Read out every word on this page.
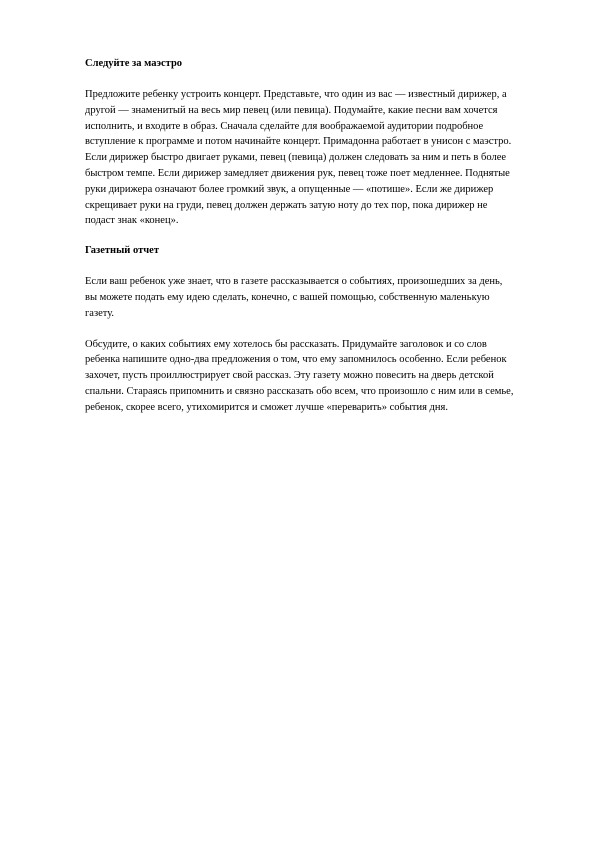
Следуйте за маэстро

Предложите ребенку устроить концерт. Представьте, что один из вас — известный дирижер, а другой — знаменитый на весь мир певец (или певица). Подумайте, какие песни вам хочется исполнить, и входите в образ. Сначала сделайте для воображаемой аудитории подробное вступление к программе и потом начинайте концерт. Примадонна работает в унисон с маэстро. Если дирижер быстро двигает руками, певец (певица) должен следовать за ним и петь в более быстром темпе. Если дирижер замедляет движения рук, певец тоже поет медленнее. Поднятые руки дирижера означают более громкий звук, а опущенные — «потише». Если же дирижер скрещивает руки на груди, певец должен держать затую ноту до тех пор, пока дирижер не подаст знак «конец».

Газетный отчет

Если ваш ребенок уже знает, что в газете рассказывается о событиях, произошедших за день, вы можете подать ему идею сделать, конечно, с вашей помощью, собственную маленькую газету.

Обсудите, о каких событиях ему хотелось бы рассказать. Придумайте заголовок и со слов ребенка напишите одно-два предложения о том, что ему запомнилось особенно. Если ребенок захочет, пусть проиллюстрирует свой рассказ. Эту газету можно повесить на дверь детской спальни. Стараясь припомнить и связно рассказать обо всем, что произошло с ним или в семье, ребенок, скорее всего, утихомирится и сможет лучше «переварить» события дня.
